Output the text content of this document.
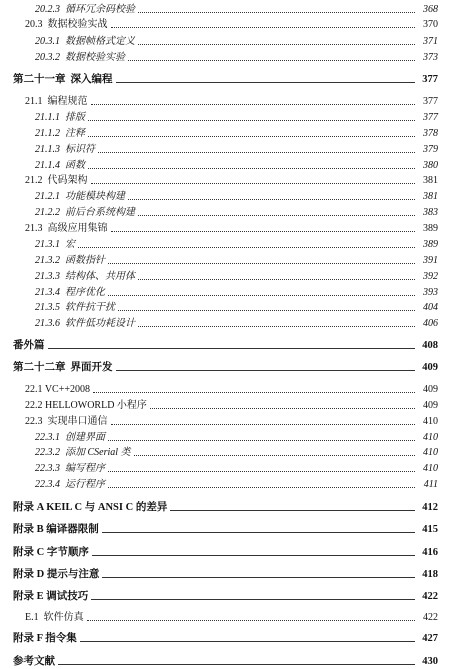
20.2.3 循环冗余码校验	368
20.3 数据校验实战	370
20.3.1 数据帧格式定义	371
20.3.2 数据校验实验	373
第二十一章 深入编程	377
21.1 编程规范	377
21.1.1 排版	377
21.1.2 注释	378
21.1.3 标识符	379
21.1.4 函数	380
21.2 代码架构	381
21.2.1 功能模块构建	381
21.2.2 前后台系统构建	383
21.3 高级应用集锦	389
21.3.1 宏	389
21.3.2 函数指针	391
21.3.3 结构体、共用体	392
21.3.4 程序优化	393
21.3.5 软件抗干扰	404
21.3.6 软件低功耗设计	406
番外篇	408
第二十二章 界面开发	409
22.1 VC++2008	409
22.2 HELLOWORLD 小程序	409
22.3 实现串口通信	410
22.3.1 创建界面	410
22.3.2 添加 CSerial 类	410
22.3.3 编写程序	410
22.3.4 运行程序	411
附录 A KEIL C 与 ANSI C 的差异	412
附录 B 编译器限制	415
附录 C 字节顺序	416
附录 D 提示与注意	418
附录 E 调试技巧	422
E.1 软件仿真	422
附录 F 指令集	427
参考文献	430
